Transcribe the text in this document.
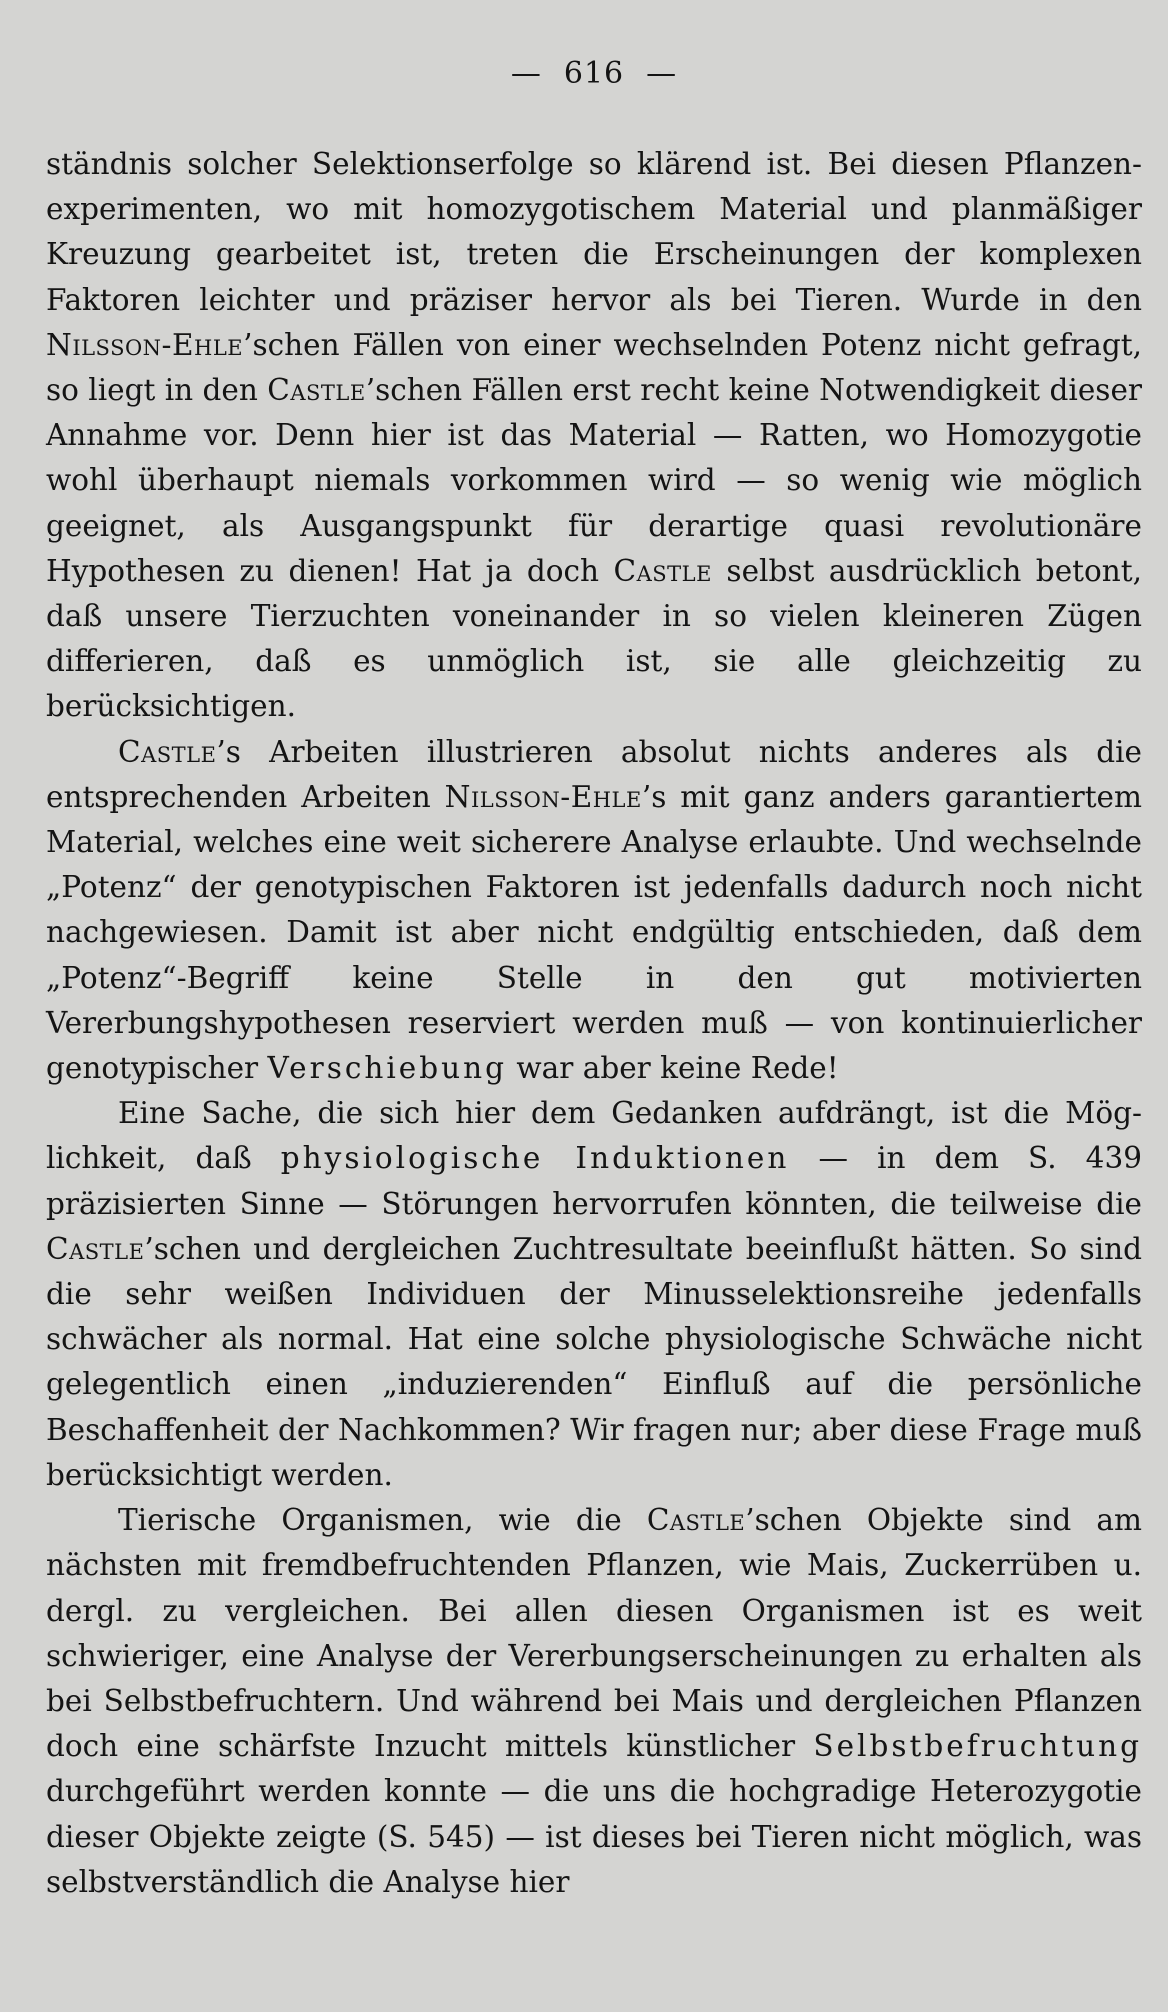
— 616 —

ständnis solcher Selektionserfolge so klärend ist. Bei diesen Pflanzenexperimenten, wo mit homozygotischem Material und planmäßiger Kreuzung gearbeitet ist, treten die Erscheinungen der komplexen Faktoren leichter und präziser hervor als bei Tieren. Wurde in den Nilsson-Ehle’schen Fällen von einer wechselnden Potenz nicht gefragt, so liegt in den Castle’schen Fällen erst recht keine Notwendigkeit dieser Annahme vor. Denn hier ist das Material — Ratten, wo Homozygotie wohl überhaupt niemals vorkommen wird — so wenig wie möglich geeignet, als Ausgangspunkt für derartige quasi revolutionäre Hypothesen zu dienen! Hat ja doch Castle selbst ausdrücklich betont, daß unsere Tierzuchten voneinander in so vielen kleineren Zügen differieren, daß es unmöglich ist, sie alle gleichzeitig zu berücksichtigen.

Castle’s Arbeiten illustrieren absolut nichts anderes als die entsprechenden Arbeiten Nilsson-Ehle’s mit ganz anders garantiertem Material, welches eine weit sicherere Analyse erlaubte. Und wechselnde „Potenz“ der genotypischen Faktoren ist jedenfalls dadurch noch nicht nachgewiesen. Damit ist aber nicht endgültig entschieden, daß dem „Potenz“-Begriff keine Stelle in den gut motivierten Vererbungshypothesen reserviert werden muß — von kontinuierlicher genotypischer Verschiebung war aber keine Rede!

Eine Sache, die sich hier dem Gedanken aufdrängt, ist die Möglichkeit, daß physiologische Induktionen — in dem S. 439 präzisierten Sinne — Störungen hervorrufen könnten, die teilweise die Castle’schen und dergleichen Zuchtresultate beeinflußt hätten. So sind die sehr weißen Individuen der Minusselektionsreihe jedenfalls schwächer als normal. Hat eine solche physiologische Schwäche nicht gelegentlich einen „induzierenden“ Einfluß auf die persönliche Beschaffenheit der Nachkommen? Wir fragen nur; aber diese Frage muß berücksichtigt werden.

Tierische Organismen, wie die Castle’schen Objekte sind am nächsten mit fremdbefruchtenden Pflanzen, wie Mais, Zuckerrüben u. dergl. zu vergleichen. Bei allen diesen Organismen ist es weit schwieriger, eine Analyse der Vererbungserscheinungen zu erhalten als bei Selbstbefruchtern. Und während bei Mais und dergleichen Pflanzen doch eine schärfste Inzucht mittels künstlicher Selbstbefruchtung durchgeführt werden konnte — die uns die hochgradige Heterozygotie dieser Objekte zeigte (S. 545) — ist dieses bei Tieren nicht möglich, was selbstverständlich die Analyse hier
